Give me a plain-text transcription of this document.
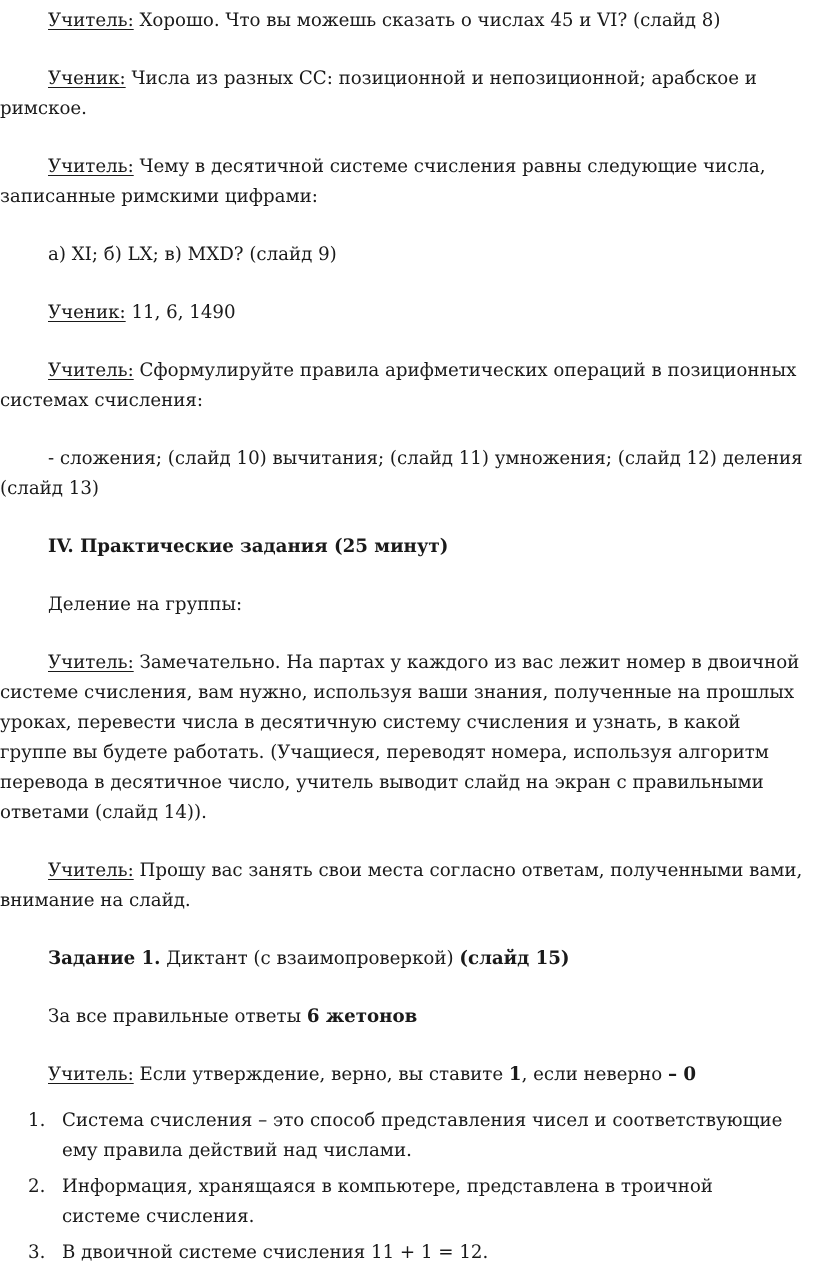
Учитель: Хорошо. Что вы можешь сказать о числах 45 и VI? (слайд 8)

Ученик: Числа из разных СС: позиционной и непозиционной; арабское и римское.

Учитель: Чему в десятичной системе счисления равны следующие числа, записанные римскими цифрами:

а) XI; б) LX; в) MXD? (слайд 9)

Ученик: 11, 6, 1490

Учитель: Сформулируйте правила арифметических операций в позиционных системах счисления:

- сложения; (слайд 10) вычитания; (слайд 11) умножения; (слайд 12) деления (слайд 13)

IV. Практические задания (25 минут)

Деление на группы:

Учитель: Замечательно. На партах у каждого из вас лежит номер в двоичной системе счисления, вам нужно, используя ваши знания, полученные на прошлых уроках, перевести числа в десятичную систему счисления и узнать, в какой группе вы будете работать. (Учащиеся, переводят номера, используя алгоритм перевода в десятичное число, учитель выводит слайд на экран с правильными ответами (слайд 14)).

Учитель: Прошу вас занять свои места согласно ответам, полученными вами, внимание на слайд.

Задание 1. Диктант (с взаимопроверкой) (слайд 15)

За все правильные ответы 6 жетонов

Учитель: Если утверждение, верно, вы ставите 1, если неверно – 0

1. Система счисления – это способ представления чисел и соответствующие ему правила действий над числами.
2. Информация, хранящаяся в компьютере, представлена в троичной системе счисления.
3. В двоичной системе счисления 11 + 1 = 12.
